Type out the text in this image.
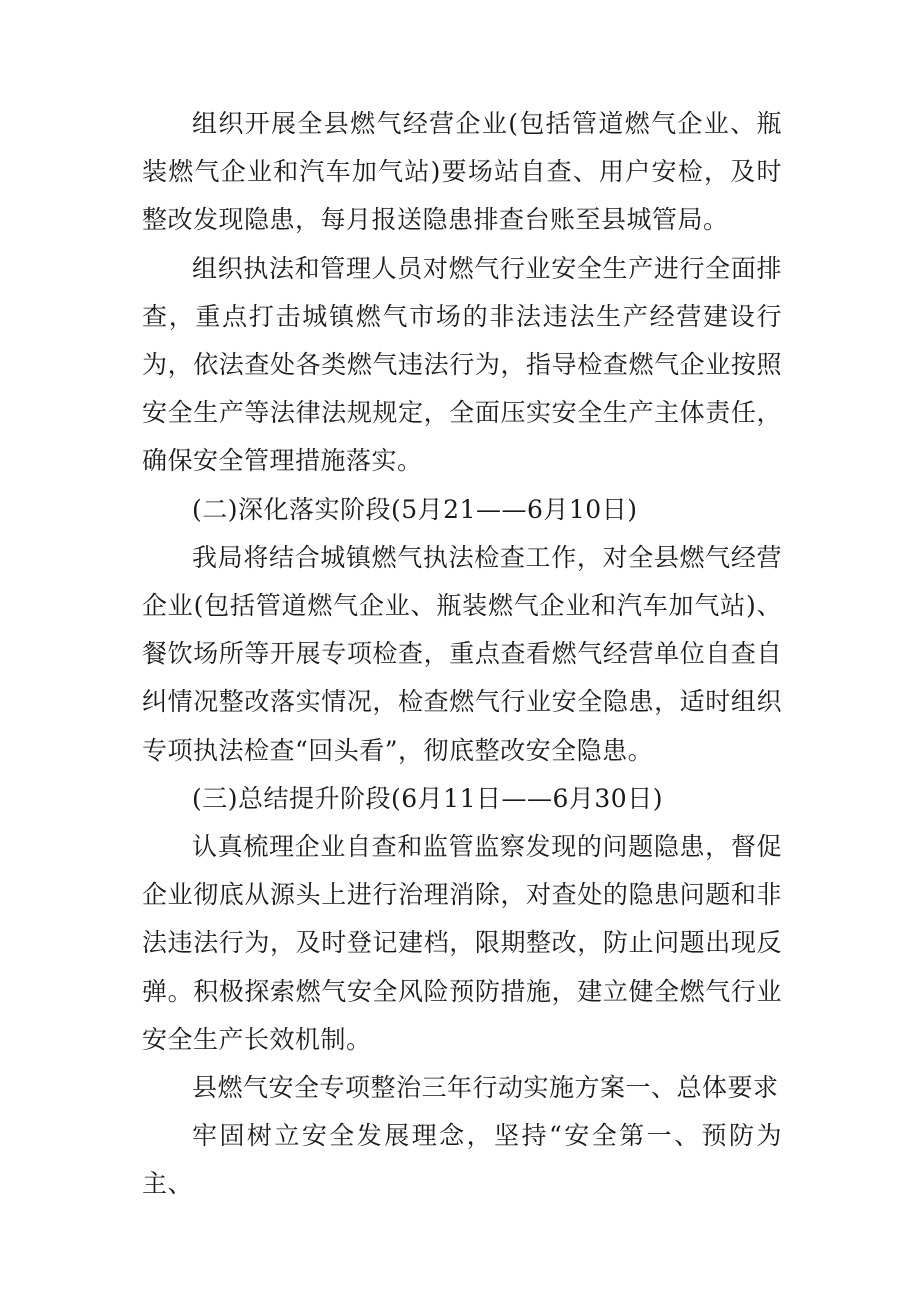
组织开展全县燃气经营企业(包括管道燃气企业、瓶装燃气企业和汽车加气站)要场站自查、用户安检，及时整改发现隐患，每月报送隐患排查台账至县城管局。

组织执法和管理人员对燃气行业安全生产进行全面排查，重点打击城镇燃气市场的非法违法生产经营建设行为，依法查处各类燃气违法行为，指导检查燃气企业按照安全生产等法律法规规定，全面压实安全生产主体责任，确保安全管理措施落实。

(二)深化落实阶段(5月21——6月10日)

我局将结合城镇燃气执法检查工作，对全县燃气经营企业(包括管道燃气企业、瓶装燃气企业和汽车加气站)、餐饮场所等开展专项检查，重点查看燃气经营单位自查自纠情况整改落实情况，检查燃气行业安全隐患，适时组织专项执法检查“回头看”，彻底整改安全隐患。

(三)总结提升阶段(6月11日——6月30日)

认真梳理企业自查和监管监察发现的问题隐患，督促企业彻底从源头上进行治理消除，对查处的隐患问题和非法违法行为，及时登记建档，限期整改，防止问题出现反弹。积极探索燃气安全风险预防措施，建立健全燃气行业安全生产长效机制。

县燃气安全专项整治三年行动实施方案一、总体要求

牢固树立安全发展理念，坚持“安全第一、预防为主、
